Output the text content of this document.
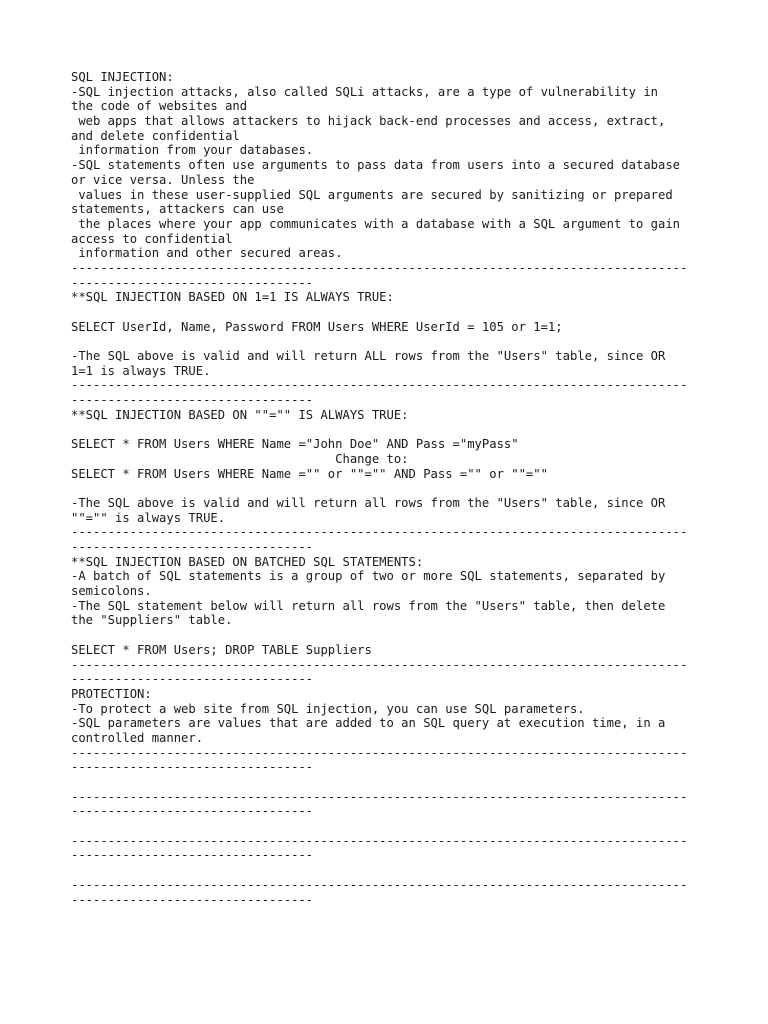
SQL INJECTION:
-SQL injection attacks, also called SQLi attacks, are a type of vulnerability in
the code of websites and
web apps that allows attackers to hijack back-end processes and access, extract,
and delete confidential
information from your databases.
-SQL statements often use arguments to pass data from users into a secured database
or vice versa. Unless the
values in these user-supplied SQL arguments are secured by sanitizing or prepared
statements, attackers can use
the places where your app communicates with a database with a SQL argument to gain
access to confidential
information and other secured areas.
------------------------------------------------------------------------------------
---------------------------------
**SQL INJECTION BASED ON 1=1 IS ALWAYS TRUE:
SELECT UserId, Name, Password FROM Users WHERE UserId = 105 or 1=1;
-The SQL above is valid and will return ALL rows from the "Users" table, since OR
1=1 is always TRUE.
------------------------------------------------------------------------------------
---------------------------------
**SQL INJECTION BASED ON ""="" IS ALWAYS TRUE:
SELECT * FROM Users WHERE Name ="John Doe" AND Pass ="myPass"
Change to:
SELECT * FROM Users WHERE Name ="" or ""="" AND Pass ="" or ""=""
-The SQL above is valid and will return all rows from the "Users" table, since OR
""="" is always TRUE.
------------------------------------------------------------------------------------
---------------------------------
**SQL INJECTION BASED ON BATCHED SQL STATEMENTS:
-A batch of SQL statements is a group of two or more SQL statements, separated by
semicolons.
-The SQL statement below will return all rows from the "Users" table, then delete
the "Suppliers" table.
SELECT * FROM Users; DROP TABLE Suppliers
------------------------------------------------------------------------------------
---------------------------------
PROTECTION:
-To protect a web site from SQL injection, you can use SQL parameters.
-SQL parameters are values that are added to an SQL query at execution time, in a
controlled manner.
------------------------------------------------------------------------------------
---------------------------------
------------------------------------------------------------------------------------
---------------------------------
------------------------------------------------------------------------------------
---------------------------------
------------------------------------------------------------------------------------
---------------------------------
